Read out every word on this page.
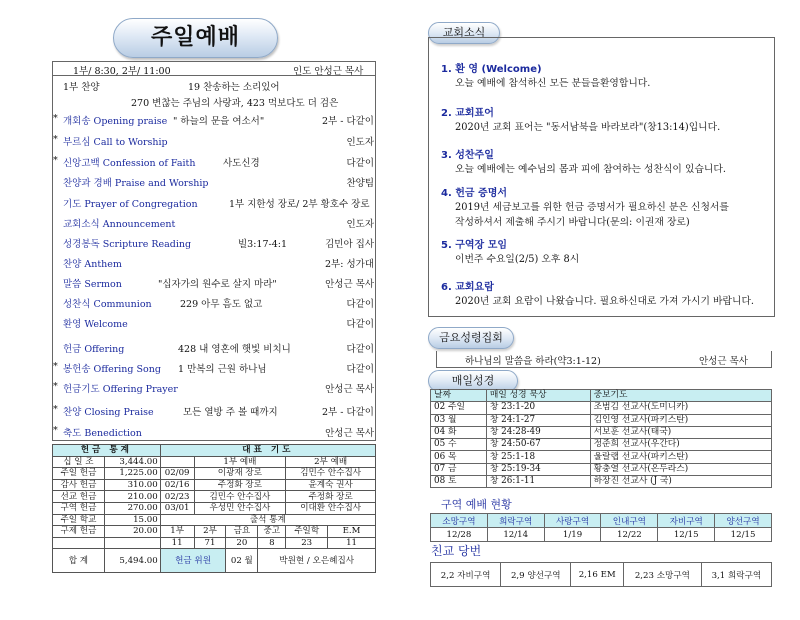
주일예배
1부/ 8:30, 2부/ 11:00	인도 안성근 목사
1부 찬양	19 찬송하는 소리있어
270 변찮는 주님의 사랑과, 423 먹보다도 더 검은
* 개회송 Opening praise " 하늘의 문을 여소서"	2부 - 다같이
* 부르심 Call to Worship	인도자
* 신앙고백 Confession of Faith	사도신경	다같이
찬양과 경배 Praise and Worship	찬양팀
기도 Prayer of Congregation	1부 지한성 장로/ 2부 황호수 장로
교회소식 Announcement	인도자
성경봉독 Scripture Reading	빌3:17-4:1	김민아 집사
찬양 Anthem	2부: 성가대
말씀 Sermon	"십자가의 원수로 살지 마라"	안성근 목사
성찬식 Communion	229 아무 흠도 없고	다같이
환영 Welcome	다같이
헌금 Offering	428 내 영혼에 햇빛 비치니	다같이
* 봉헌송 Offering Song 1 만복의 근원 하나님	다같이
* 헌금기도 Offering Prayer	안성근 목사
* 찬양 Closing Praise	모든 열방 주 볼 때까지	2부 - 다같이
* 축도 Benediction	안성근 목사
헌금 통계		대표 기도					
십 일 조	3,444.00		1부 예배			2부 예배	
주일 헌금	1,225.00	02/09	이광재 장로			김민수 안수집사	
감사 헌금	310.00	02/16	주정화 장로			윤계숙 권사	
선교 헌금	210.00	02/23	김민수 안수집사			주정화 장로	
구역 헌금	270.00	03/01	우성민 안수집사			이대환 안수집사	
주일 학교	15.00	출석 통계					
구제 헌금	20.00	1부	2부	금요	중고	주일학	E.M
		11	71	20	8	23	11
합 계	5,494.00	헌금 위원		02 월	박원현 / 오은혜집사		
교회소식
1. 환 영 (Welcome)
오늘 예배에 참석하신 모든 분들을환영합니다.
2. 교회표어
2020년 교회 표어는 "동서남북을 바라보라"(창13:14)입니다.
3. 성찬주일
오늘 예배에는 예수님의 몸과 피에 참여하는 성찬식이 있습니다.
4. 헌금 증명서
2019년 세금보고를 위한 헌금 증명서가 필요하신 분은 신청서를
작성하셔서 제출해 주시기 바랍니다(문의: 이권재 장로)
5. 구역장 모임
이번주 수요일(2/5) 오후 8시
6. 교회요람
2020년 교회 요람이 나왔습니다. 필요하신대로 가져 가시기 바랍니다.
금요성령집회
하나님의 말씀을 하라(약3:1-12)	안성근 목사
매일성경
날짜	매일 성경 묵상	중보기도
02 주일	창 23:1-20	조범김 선교사(도미니카)
03 월	창 24:1-27	김인영 선교사(파키스탄)
04 화	창 24:28-49	서보훈 선교사(태국)
05 수	창 24:50-67	정준희 선교사(우간다)
06 목	창 25:1-18	울랄랩 선교사(파키스탄)
07 금	창 25:19-34	황충열 선교사(온두라스)
08 토	창 26:1-11	하장진 선교사 (J 국)
구역 예배 현황
소망구역	희락구역	사랑구역	인내구역	자비구역	양선구역
12/28	12/14	1/19	12/22	12/15	12/15
친교 당번
2,2 자비구역	2,9 양선구역	2,16 EM	2,23 소망구역	3,1 희락구역
